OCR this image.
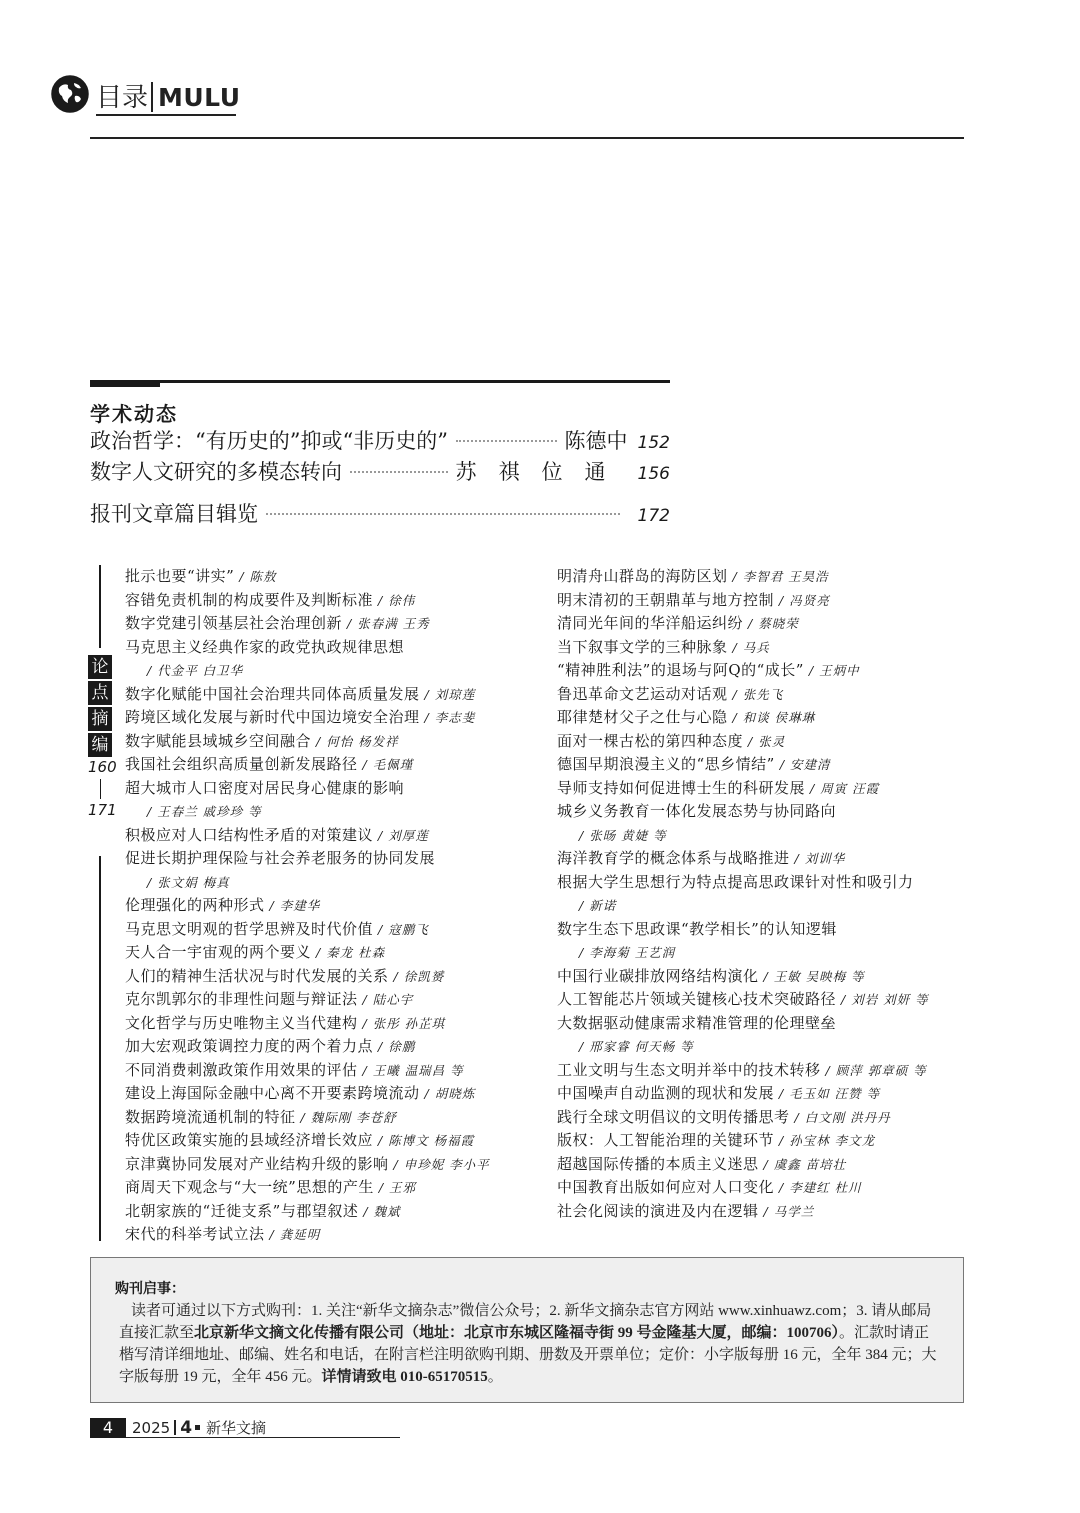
目录 MULU
学术动态
政治哲学：“有历史的”抑或“非历史的”	陈德中 152
数字人文研究的多模态转向	苏祺位通 156
报刊文章篇目辑览	172
论
点
摘
编
160
171
批示也要“讲实” / 陈敖
容错免责机制的构成要件及判断标准 / 徐伟
数字党建引领基层社会治理创新 / 张春满 王秀
马克思主义经典作家的政党执政规律思想
/ 代金平 白卫华
数字化赋能中国社会治理共同体高质量发展 / 刘琼莲
跨境区域化发展与新时代中国边境安全治理 / 李志斐
数字赋能县域城乡空间融合 / 何怡 杨发祥
我国社会组织高质量创新发展路径 / 毛佩瑾
超大城市人口密度对居民身心健康的影响
/ 王春兰 戚珍珍 等
积极应对人口结构性矛盾的对策建议 / 刘厚莲
促进长期护理保险与社会养老服务的协同发展
/ 张文娟 梅真
伦理强化的两种形式 / 李建华
马克思文明观的哲学思辨及时代价值 / 寇鹏飞
天人合一宇宙观的两个要义 / 秦龙 杜森
人们的精神生活状况与时代发展的关系 / 徐凯赟
克尔凯郭尔的非理性问题与辩证法 / 陆心宇
文化哲学与历史唯物主义当代建构 / 张彤 孙芷琪
加大宏观政策调控力度的两个着力点 / 徐鹏
不同消费刺激政策作用效果的评估 / 王曦 温瑞昌 等
建设上海国际金融中心离不开要素跨境流动 / 胡晓炼
数据跨境流通机制的特征 / 魏际刚 李苍舒
特优区政策实施的县域经济增长效应 / 陈博文 杨福霞
京津冀协同发展对产业结构升级的影响 / 申珍妮 李小平
商周天下观念与“大一统”思想的产生 / 王邪
北朝家族的“迁徙支系”与郡望叙述 / 魏斌
宋代的科举考试立法 / 龚延明
明清舟山群岛的海防区划 / 李智君 王昊浩
明末清初的王朝鼎革与地方控制 / 冯贤亮
清同光年间的华洋船运纠纷 / 蔡晓荣
当下叙事文学的三种脉象 / 马兵
“精神胜利法”的退场与阿Q的“成长” / 王炳中
鲁迅革命文艺运动对话观 / 张先飞
耶律楚材父子之仕与心隐 / 和谈 侯琳琳
面对一棵古松的第四种态度 / 张灵
德国早期浪漫主义的“思乡情结” / 安建清
导师支持如何促进博士生的科研发展 / 周寅 汪霞
城乡义务教育一体化发展态势与协同路向
/ 张旸 黄婕 等
海洋教育学的概念体系与战略推进 / 刘训华
根据大学生思想行为特点提高思政课针对性和吸引力
/ 新诺
数字生态下思政课“教学相长”的认知逻辑
/ 李海菊 王艺润
中国行业碳排放网络结构演化 / 王敏 吴映梅 等
人工智能芯片领域关键核心技术突破路径 / 刘岩 刘妍 等
大数据驱动健康需求精准管理的伦理壁垒
/ 邢家睿 何天畅 等
工业文明与生态文明并举中的技术转移 / 顾萍 郭章硕 等
中国噪声自动监测的现状和发展 / 毛玉如 汪赞 等
践行全球文明倡议的文明传播思考 / 白文刚 洪丹丹
版权：人工智能治理的关键环节 / 孙宝林 李文龙
超越国际传播的本质主义迷思 / 虞鑫 苗培壮
中国教育出版如何应对人口变化 / 李建红 杜川
社会化阅读的演进及内在逻辑 / 马学兰
购刊启事：

读者可通过以下方式购刊：1. 关注“新华文摘杂志”微信公众号；2. 新华文摘杂志官方网站 www.xinhuawz.com；3. 请从邮局直接汇款至北京新华文摘文化传播有限公司（地址：北京市东城区隆福寺街 99 号金隆基大厦，邮编：100706）。汇款时请正楷写清详细地址、邮编、姓名和电话，在附言栏注明欲购刊期、册数及开票单位；定价：小字版每册 16 元，全年 384 元；大字版每册 19 元，全年 456 元。详情请致电 010-65170515。

4	2025 4 新华文摘
